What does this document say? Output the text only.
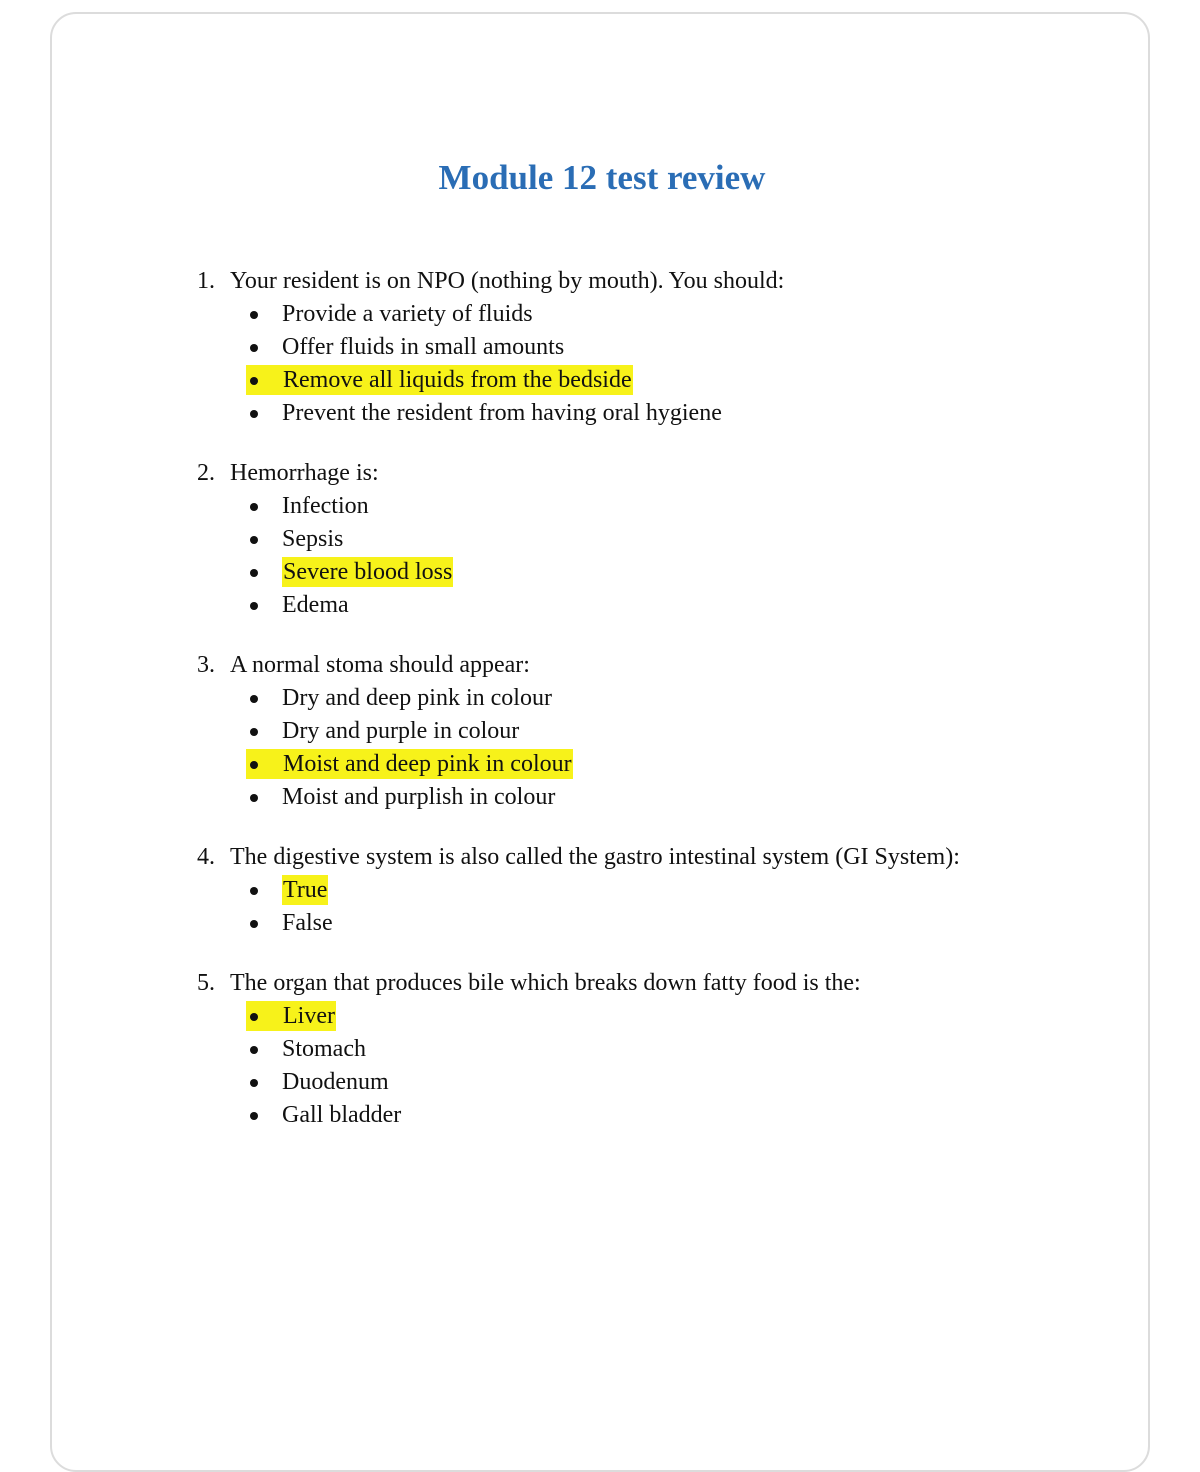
Module 12 test review
1. Your resident is on NPO (nothing by mouth). You should:
Provide a variety of fluids
Offer fluids in small amounts
Remove all liquids from the bedside
Prevent the resident from having oral hygiene
2. Hemorrhage is:
Infection
Sepsis
Severe blood loss
Edema
3. A normal stoma should appear:
Dry and deep pink in colour
Dry and purple in colour
Moist and deep pink in colour
Moist and purplish in colour
4. The digestive system is also called the gastro intestinal system (GI System):
True
False
5. The organ that produces bile which breaks down fatty food is the:
Liver
Stomach
Duodenum
Gall bladder
